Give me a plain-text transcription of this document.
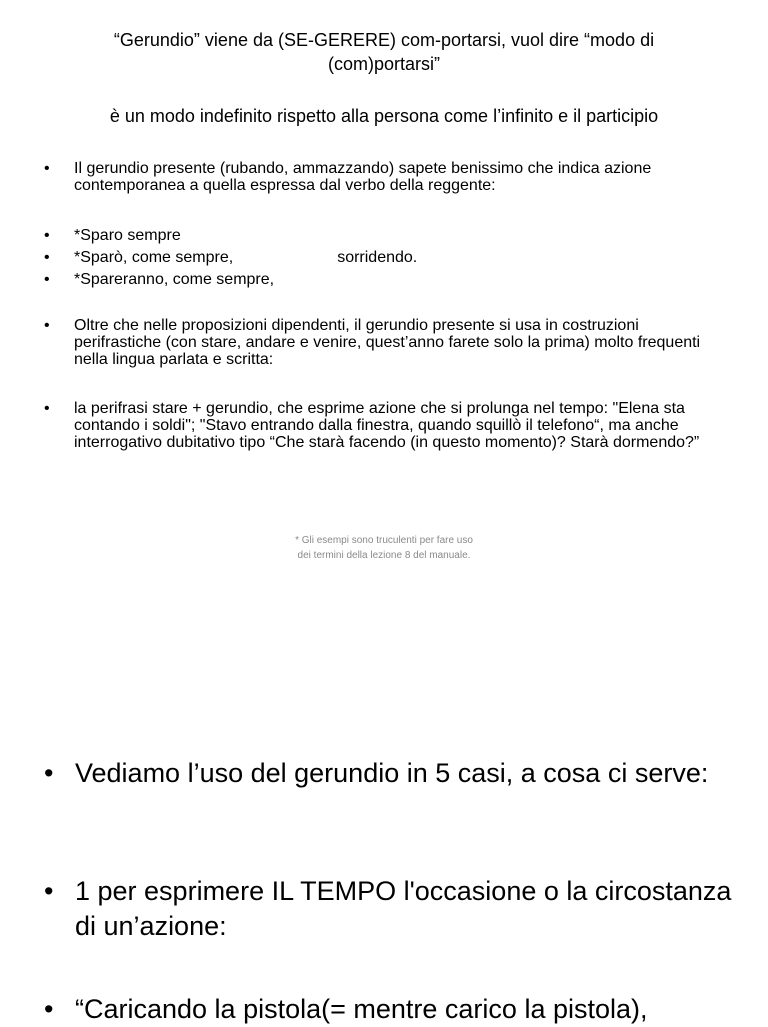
“Gerundio” viene da (SE-GERERE) com-portarsi, vuol dire “modo di (com)portarsi”
è un modo indefinito rispetto alla persona come l’infinito e il participio
• Il gerundio presente (rubando, ammazzando) sapete benissimo che indica azione contemporanea a quella espressa dal verbo della reggente:
• *Sparo sempre
• *Sparò, come sempre,	sorridendo.
• *Spareranno, come sempre,
• Oltre che nelle proposizioni dipendenti, il gerundio presente si usa in costruzioni perifrastiche (con stare, andare e venire, quest’anno farete solo la prima) molto frequenti nella lingua parlata e scritta:
• la perifrasi stare + gerundio, che esprime azione che si prolunga nel tempo: "Elena sta contando i soldi"; "Stavo entrando dalla finestra, quando squillò il telefono“, ma anche interrogativo dubitativo tipo “Che starà facendo (in questo momento)? Starà dormendo?”
* Gli esempi sono truculenti per fare uso
dei termini della lezione 8 del manuale.
• Vediamo l’uso del gerundio in 5 casi, a cosa ci serve:
• 1 per esprimere IL TEMPO l'occasione o la circostanza di un’azione:
• “Caricando la pistola(= mentre carico la pistola),
